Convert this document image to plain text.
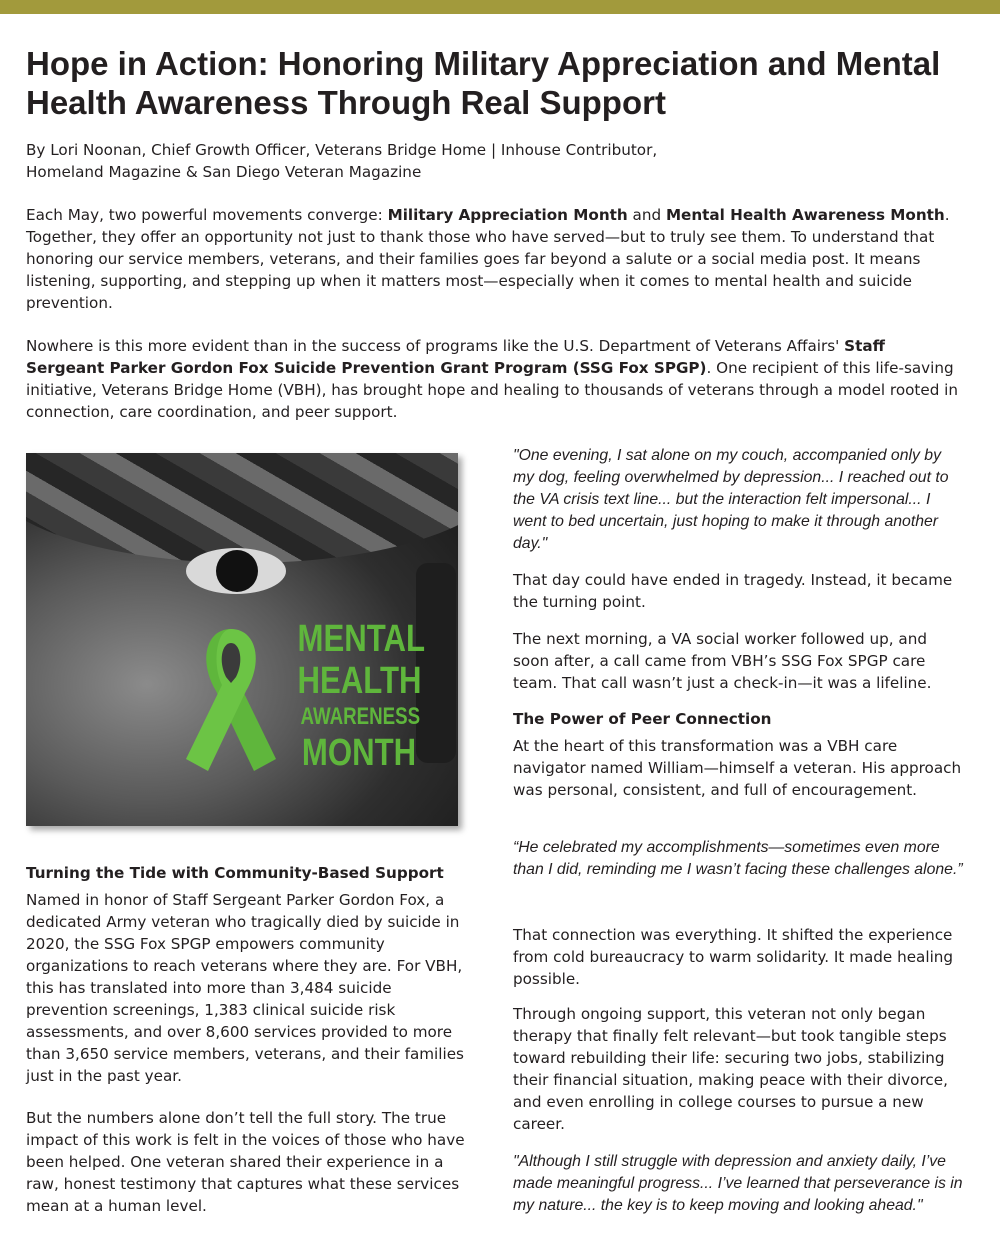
Hope in Action: Honoring Military Appreciation and Mental Health Awareness Through Real Support

By Lori Noonan, Chief Growth Officer, Veterans Bridge Home | Inhouse Contributor,
Homeland Magazine & San Diego Veteran Magazine

Each May, two powerful movements converge: Military Appreciation Month and Mental Health Awareness Month. Together, they offer an opportunity not just to thank those who have served—but to truly see them. To understand that honoring our service members, veterans, and their families goes far beyond a salute or a social media post. It means listening, supporting, and stepping up when it matters most—especially when it comes to mental health and suicide prevention.

Nowhere is this more evident than in the success of programs like the U.S. Department of Veterans Affairs' Staff Sergeant Parker Gordon Fox Suicide Prevention Grant Program (SSG Fox SPGP). One recipient of this life-saving initiative, Veterans Bridge Home (VBH), has brought hope and healing to thousands of veterans through a model rooted in connection, care coordination, and peer support.

MENTAL
HEALTH
AWARENESS
MONTH
Turning the Tide with Community-Based Support

Named in honor of Staff Sergeant Parker Gordon Fox, a dedicated Army veteran who tragically died by suicide in 2020, the SSG Fox SPGP empowers community organizations to reach veterans where they are. For VBH, this has translated into more than 3,484 suicide prevention screenings, 1,383 clinical suicide risk assessments, and over 8,600 services provided to more than 3,650 service members, veterans, and their families just in the past year.

But the numbers alone don’t tell the full story. The true impact of this work is felt in the voices of those who have been helped. One veteran shared their experience in a raw, honest testimony that captures what these services mean at a human level.

"One evening, I sat alone on my couch, accompanied only by my dog, feeling overwhelmed by depression... I reached out to the VA crisis text line... but the interaction felt impersonal... I went to bed uncertain, just hoping to make it through another day."

That day could have ended in tragedy. Instead, it became the turning point.

The next morning, a VA social worker followed up, and soon after, a call came from VBH’s SSG Fox SPGP care team. That call wasn’t just a check-in—it was a lifeline.

The Power of Peer Connection

At the heart of this transformation was a VBH care navigator named William—himself a veteran. His approach was personal, consistent, and full of encouragement.

“He celebrated my accomplishments—sometimes even more than I did, reminding me I wasn’t facing these challenges alone.”

That connection was everything. It shifted the experience from cold bureaucracy to warm solidarity. It made healing possible.

Through ongoing support, this veteran not only began therapy that finally felt relevant—but took tangible steps toward rebuilding their life: securing two jobs, stabilizing their financial situation, making peace with their divorce, and even enrolling in college courses to pursue a new career.

"Although I still struggle with depression and anxiety daily, I’ve made meaningful progress... I’ve learned that perseverance is in my nature... the key is to keep moving and looking ahead."
